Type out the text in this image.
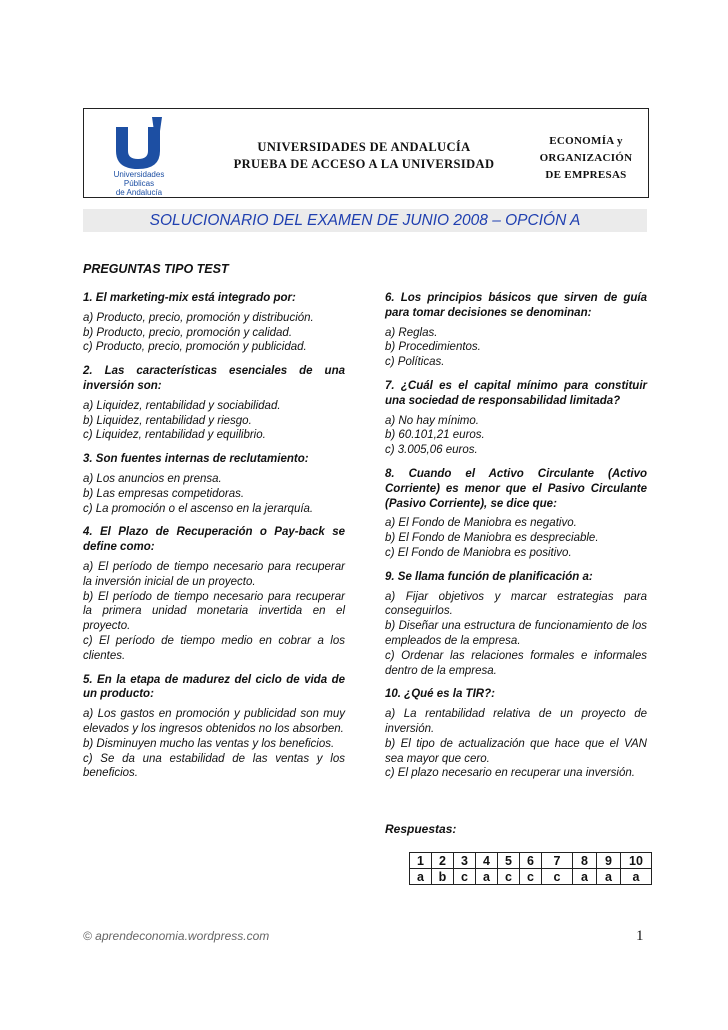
Universidades Públicas
de Andalucía
UNIVERSIDADES DE ANDALUCÍA
PRUEBA DE ACCESO A LA UNIVERSIDAD
ECONOMÍA y
ORGANIZACIÓN
DE EMPRESAS
SOLUCIONARIO DEL EXAMEN DE JUNIO 2008 – OPCIÓN A
PREGUNTAS TIPO TEST
1. El marketing-mix está integrado por:
a) Producto, precio, promoción y distribución.
b) Producto, precio, promoción y calidad.
c) Producto, precio, promoción y publicidad.
2. Las características esenciales de una inversión son:
a) Liquidez, rentabilidad y sociabilidad.
b) Liquidez, rentabilidad y riesgo.
c) Liquidez, rentabilidad y equilibrio.
3. Son fuentes internas de reclutamiento:
a) Los anuncios en prensa.
b) Las empresas competidoras.
c) La promoción o el ascenso en la jerarquía.
4. El Plazo de Recuperación o Pay-back se define como:
a) El período de tiempo necesario para recuperar la inversión inicial de un proyecto.
b) El período de tiempo necesario para recuperar la primera unidad monetaria invertida en el proyecto.
c) El período de tiempo medio en cobrar a los clientes.
5. En la etapa de madurez del ciclo de vida de un producto:
a) Los gastos en promoción y publicidad son muy elevados y los ingresos obtenidos no los absorben.
b) Disminuyen mucho las ventas y los beneficios.
c) Se da una estabilidad de las ventas y los beneficios.
6. Los principios básicos que sirven de guía para tomar decisiones se denominan:
a) Reglas.
b) Procedimientos.
c) Políticas.
7. ¿Cuál es el capital mínimo para constituir una sociedad de responsabilidad limitada?
a) No hay mínimo.
b) 60.101,21 euros.
c) 3.005,06 euros.
8. Cuando el Activo Circulante (Activo Corriente) es menor que el Pasivo Circulante (Pasivo Corriente), se dice que:
a) El Fondo de Maniobra es negativo.
b) El Fondo de Maniobra es despreciable.
c) El Fondo de Maniobra es positivo.
9. Se llama función de planificación a:
a) Fijar objetivos y marcar estrategias para conseguirlos.
b) Diseñar una estructura de funcionamiento de los empleados de la empresa.
c) Ordenar las relaciones formales e informales dentro de la empresa.
10. ¿Qué es la TIR?:
a) La rentabilidad relativa de un proyecto de inversión.
b) El tipo de actualización que hace que el VAN sea mayor que cero.
c) El plazo necesario en recuperar una inversión.
Respuestas:
1	2	3	4	5	6	7	8	9	10
a	b	c	a	c	c	c	a	a	a
© aprendeconomia.wordpress.com	1
